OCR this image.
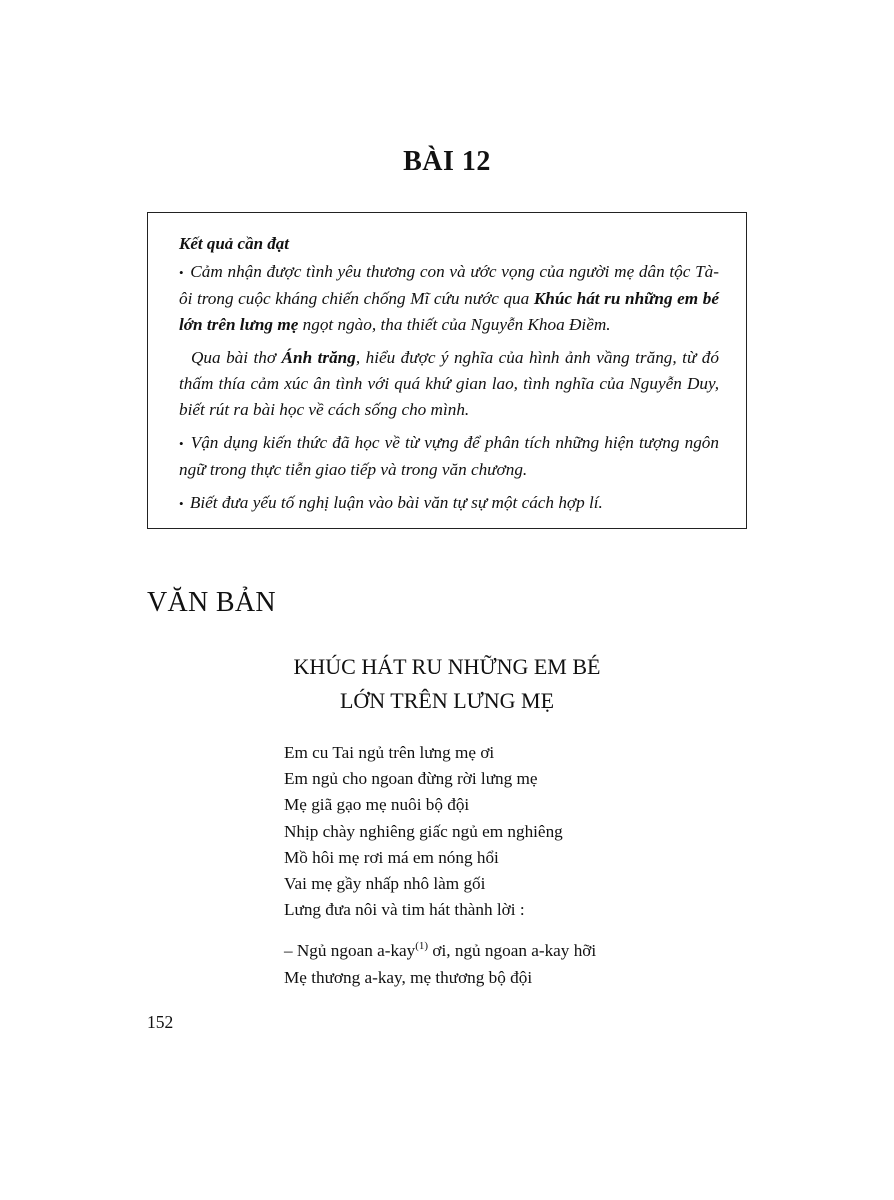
BÀI 12

Kết quả cần đạt

• Cảm nhận được tình yêu thương con và ước vọng của người mẹ dân tộc Tà-ôi trong cuộc kháng chiến chống Mĩ cứu nước qua Khúc hát ru những em bé lớn trên lưng mẹ ngọt ngào, tha thiết của Nguyễn Khoa Điềm.

Qua bài thơ Ánh trăng, hiểu được ý nghĩa của hình ảnh vầng trăng, từ đó thấm thía cảm xúc ân tình với quá khứ gian lao, tình nghĩa của Nguyễn Duy, biết rút ra bài học về cách sống cho mình.

• Vận dụng kiến thức đã học về từ vựng để phân tích những hiện tượng ngôn ngữ trong thực tiễn giao tiếp và trong văn chương.

• Biết đưa yếu tố nghị luận vào bài văn tự sự một cách hợp lí.

VĂN BẢN
KHÚC HÁT RU NHỮNG EM BÉ
LỚN TRÊN LƯNG MẸ
Em cu Tai ngủ trên lưng mẹ ơi
Em ngủ cho ngoan đừng rời lưng mẹ
Mẹ giã gạo mẹ nuôi bộ đội
Nhịp chày nghiêng giấc ngủ em nghiêng
Mồ hôi mẹ rơi má em nóng hổi
Vai mẹ gầy nhấp nhô làm gối
Lưng đưa nôi và tim hát thành lời :
– Ngủ ngoan a-kay$^{(1)}$ ơi, ngủ ngoan a-kay hỡi
Mẹ thương a-kay, mẹ thương bộ đội
152
